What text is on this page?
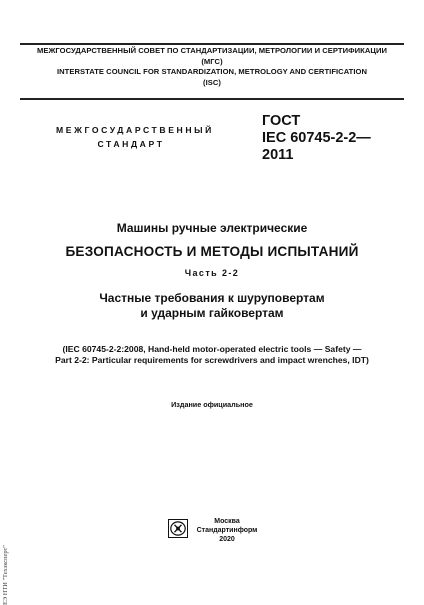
МЕЖГОСУДАРСТВЕННЫЙ СОВЕТ ПО СТАНДАРТИЗАЦИИ, МЕТРОЛОГИИ И СЕРТИФИКАЦИИ
(МГС)
INTERSTATE COUNCIL FOR STANDARDIZATION, METROLOGY AND CERTIFICATION
(ISC)
МЕЖГОСУДАРСТВЕННЫЙ
СТАНДАРТ
ГОСТ
IEC 60745-2-2—
2011
Машины ручные электрические
БЕЗОПАСНОСТЬ И МЕТОДЫ ИСПЫТАНИЙ
Часть 2-2
Частные требования к шуруповертам
и ударным гайковертам
(IEC 60745-2-2:2008, Hand-held motor-operated electric tools — Safety —
Part 2-2: Particular requirements for screwdrivers and impact wrenches, IDT)
Издание официальное
ЕЭ НТИ "Техэксперт"
Москва
Стандартинформ
2020
